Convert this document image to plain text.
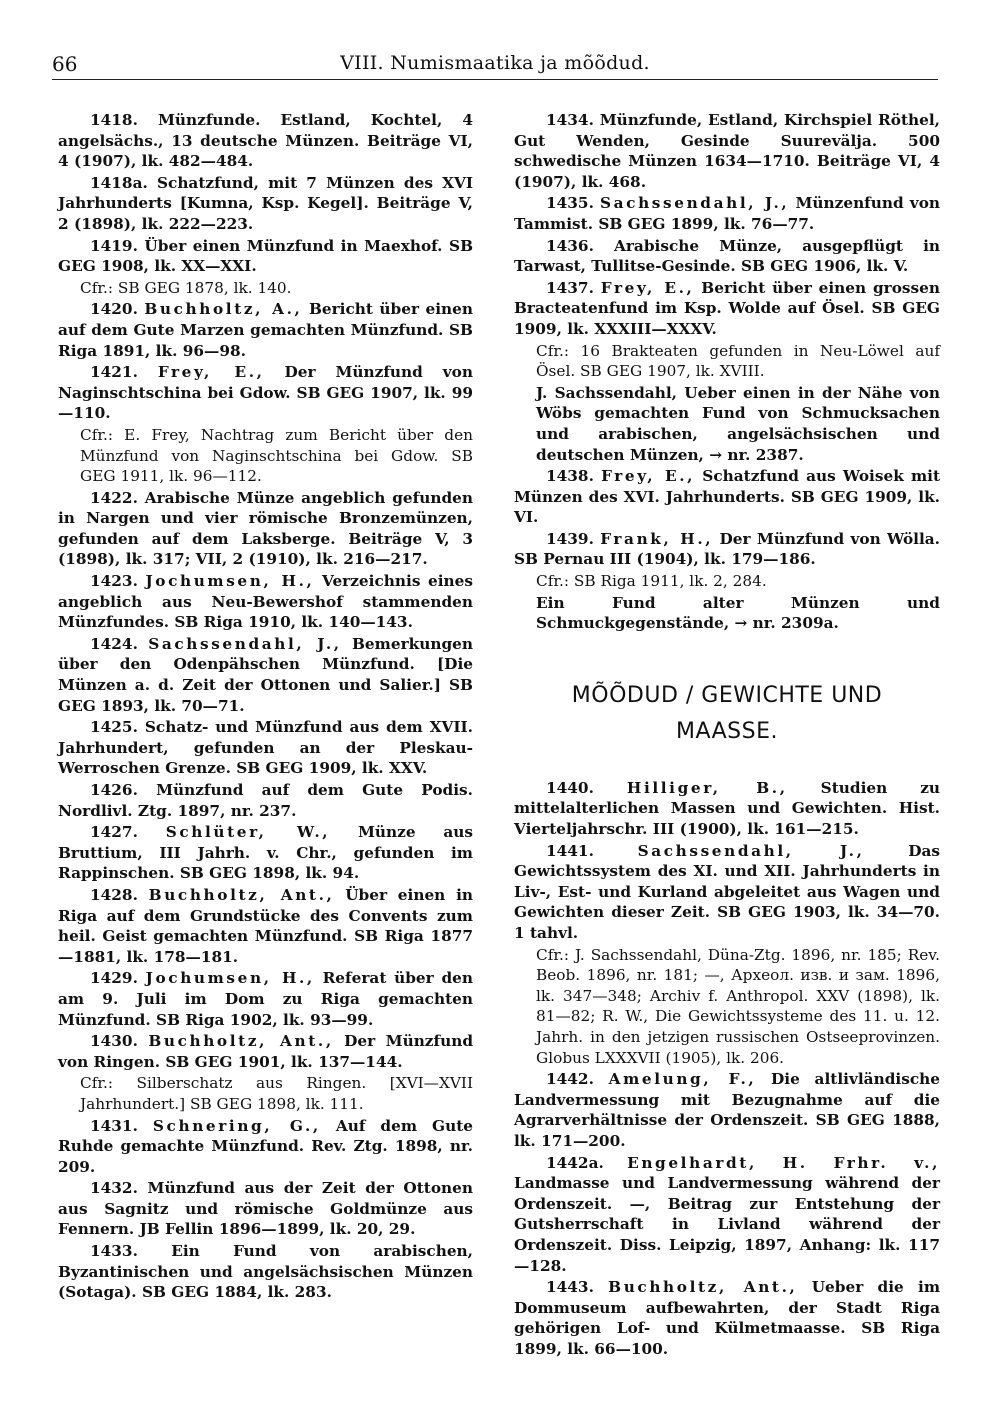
66	VIII. Numismaatika ja mõõdud.

1418. Münzfunde. Estland, Kochtel, 4 angelsächs., 13 deutsche Münzen. Beiträge VI, 4 (1907), lk. 482—484.

1418a. Schatzfund, mit 7 Münzen des XVI Jahrhunderts [Kumna, Ksp. Kegel]. Beiträge V, 2 (1898), lk. 222—223.

1419. Über einen Münzfund in Maexhof. SB GEG 1908, lk. XX—XXI.

Cfr.: SB GEG 1878, lk. 140.

1420. Buchholtz, A., Bericht über einen auf dem Gute Marzen gemachten Münzfund. SB Riga 1891, lk. 96—98.

1421. Frey, E., Der Münzfund von Naginschtschina bei Gdow. SB GEG 1907, lk. 99—110.

Cfr.: E. Frey, Nachtrag zum Bericht über den Münzfund von Naginschtschina bei Gdow. SB GEG 1911, lk. 96—112.

1422. Arabische Münze angeblich gefunden in Nargen und vier römische Bronzemünzen, gefunden auf dem Laksberge. Beiträge V, 3 (1898), lk. 317; VII, 2 (1910), lk. 216—217.

1423. Jochumsen, H., Verzeichnis eines angeblich aus Neu-Bewershof stammenden Münzfundes. SB Riga 1910, lk. 140—143.

1424. Sachssendahl, J., Bemerkungen über den Odenpähschen Münzfund. [Die Münzen a. d. Zeit der Ottonen und Salier.] SB GEG 1893, lk. 70—71.

1425. Schatz- und Münzfund aus dem XVII. Jahrhundert, gefunden an der Pleskau-Werroschen Grenze. SB GEG 1909, lk. XXV.

1426. Münzfund auf dem Gute Podis. Nordlivl. Ztg. 1897, nr. 237.

1427. Schlüter, W., Münze aus Bruttium, III Jahrh. v. Chr., gefunden im Rappinschen. SB GEG 1898, lk. 94.

1428. Buchholtz, Ant., Über einen in Riga auf dem Grundstücke des Convents zum heil. Geist gemachten Münzfund. SB Riga 1877—1881, lk. 178—181.

1429. Jochumsen, H., Referat über den am 9. Juli im Dom zu Riga gemachten Münzfund. SB Riga 1902, lk. 93—99.

1430. Buchholtz, Ant., Der Münzfund von Ringen. SB GEG 1901, lk. 137—144.

Cfr.: Silberschatz aus Ringen. [XVI—XVII Jahrhundert.] SB GEG 1898, lk. 111.

1431. Schnering, G., Auf dem Gute Ruhde gemachte Münzfund. Rev. Ztg. 1898, nr. 209.

1432. Münzfund aus der Zeit der Ottonen aus Sagnitz und römische Goldmünze aus Fennern. JB Fellin 1896—1899, lk. 20, 29.

1433. Ein Fund von arabischen, Byzantinischen und angelsächsischen Münzen (Sotaga). SB GEG 1884, lk. 283.

1434. Münzfunde, Estland, Kirchspiel Röthel, Gut Wenden, Gesinde Suurevälja. 500 schwedische Münzen 1634—1710. Beiträge VI, 4 (1907), lk. 468.

1435. Sachssendahl, J., Münzenfund von Tammist. SB GEG 1899, lk. 76—77.

1436. Arabische Münze, ausgepflügt in Tarwast, Tullitse-Gesinde. SB GEG 1906, lk. V.

1437. Frey, E., Bericht über einen grossen Bracteatenfund im Ksp. Wolde auf Ösel. SB GEG 1909, lk. XXXIII—XXXV.

Cfr.: 16 Brakteaten gefunden in Neu-Löwel auf Ösel. SB GEG 1907, lk. XVIII.

J. Sachssendahl, Ueber einen in der Nähe von Wöbs gemachten Fund von Schmucksachen und arabischen, angelsächsischen und deutschen Münzen, → nr. 2387.

1438. Frey, E., Schatzfund aus Woisek mit Münzen des XVI. Jahrhunderts. SB GEG 1909, lk. VI.

1439. Frank, H., Der Münzfund von Wölla. SB Pernau III (1904), lk. 179—186.

Cfr.: SB Riga 1911, lk. 2, 284.

Ein Fund alter Münzen und Schmuckgegenstände, → nr. 2309a.

MÕÕDUD / GEWICHTE UND
MAASSE.

1440. Hilliger, B., Studien zu mittelalterlichen Massen und Gewichten. Hist. Vierteljahrschr. III (1900), lk. 161—215.

1441.	Sachssendahl, J.,	Das Gewichtssystem des XI. und XII. Jahrhunderts in Liv-, Est- und Kurland abgeleitet aus Wagen und Gewichten dieser Zeit. SB GEG 1903, lk. 34—70. 1 tahvl.

Cfr.: J. Sachssendahl, Düna-Ztg. 1896, nr. 185; Rev. Beob. 1896, nr. 181; —, Археол. изв. и зам. 1896, lk. 347—348; Archiv f. Anthropol. XXV (1898), lk. 81—82; R. W., Die Gewichtssysteme des 11. u. 12. Jahrh. in den jetzigen russischen Ostseeprovinzen. Globus LXXXVII (1905), lk. 206.

1442. Amelung, F., Die altlivländische Landvermessung mit Bezugnahme auf die Agrarverhältnisse der Ordenszeit. SB GEG 1888, lk. 171—200.

1442a. Engelhardt, H. Frhr. v., Landmasse und Landvermessung während der Ordenszeit. —, Beitrag zur Entstehung der Gutsherrschaft in Livland während der Ordenszeit. Diss. Leipzig, 1897, Anhang: lk. 117—128.

1443. Buchholtz, Ant., Ueber die im Dommuseum aufbewahrten, der Stadt Riga gehörigen Lof- und Külmetmaasse. SB Riga 1899, lk. 66—100.
